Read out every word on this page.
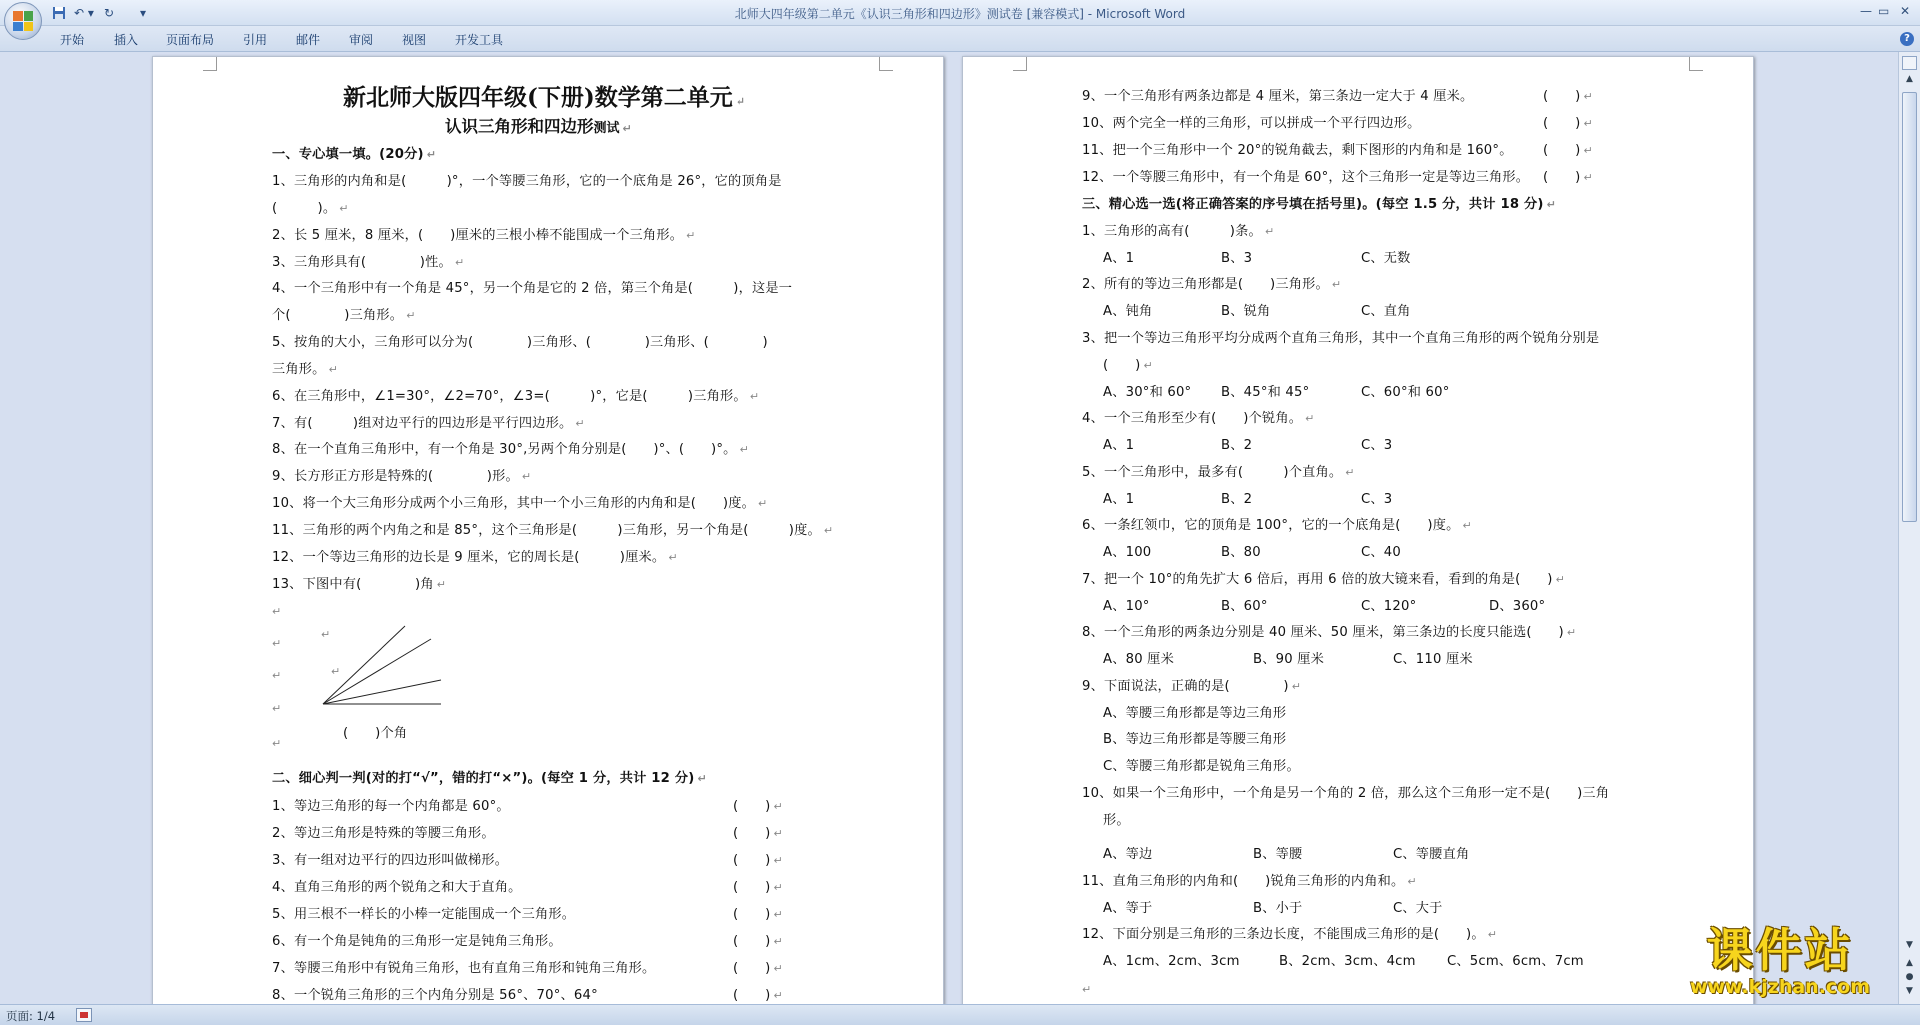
↶ ▾ ↻ ▾	北师大四年级第二单元《认识三角形和四边形》测试卷 [兼容模式] - Microsoft Word	— ▭ ✕
开始 插入 页面布局 引用 邮件 审阅 视图 开发工具	?
新北师大版四年级(下册)数学第二单元 ↵
认识三角形和四边形测试 ↵
一、专心填一填。(20分) ↵
1、三角形的内角和是(　　　)°，一个等腰三角形，它的一个底角是 26°，它的顶角是
(　　　)。 ↵
2、长 5 厘米，8 厘米，(　　)厘米的三根小棒不能围成一个三角形。 ↵
3、三角形具有(　　　　)性。 ↵
4、一个三角形中有一个角是 45°，另一个角是它的 2 倍，第三个角是(　　　)，这是一
个(　　　　)三角形。 ↵
5、按角的大小，三角形可以分为(　　　　)三角形、(　　　　)三角形、(　　　　)
三角形。 ↵
6、在三角形中，∠1=30°，∠2=70°，∠3=(　　　)°，它是(　　　)三角形。 ↵
7、有(　　　)组对边平行的四边形是平行四边形。 ↵
8、在一个直角三角形中，有一个角是 30°,另两个角分别是(　　)°、(　　)°。 ↵
9、长方形正方形是特殊的(　　　　)形。 ↵
10、将一个大三角形分成两个小三角形，其中一个小三角形的内角和是(　　)度。 ↵
11、三角形的两个内角之和是 85°，这个三角形是(　　　)三角形，另一个角是(　　　)度。 ↵
12、一个等边三角形的边长是 9 厘米，它的周长是(　　　)厘米。 ↵
13、下图中有(　　　　)角 ↵
↵
↵
↵
↵
↵
↵
↵
(　　)个角
二、细心判一判(对的打“√”，错的打“×”)。(每空 1 分，共计 12 分) ↵
1、等边三角形的每一个内角都是 60°。	(　　) ↵
2、等边三角形是特殊的等腰三角形。	(　　) ↵
3、有一组对边平行的四边形叫做梯形。	(　　) ↵
4、直角三角形的两个锐角之和大于直角。	(　　) ↵
5、用三根不一样长的小棒一定能围成一个三角形。	(　　) ↵
6、有一个角是钝角的三角形一定是钝角三角形。	(　　) ↵
7、等腰三角形中有锐角三角形，也有直角三角形和钝角三角形。	(　　) ↵
8、一个锐角三角形的三个内角分别是 56°、70°、64°	(　　) ↵
9、一个三角形有两条边都是 4 厘米，第三条边一定大于 4 厘米。	(　　) ↵
10、两个完全一样的三角形，可以拼成一个平行四边形。	(　　) ↵
11、把一个三角形中一个 20°的锐角截去，剩下图形的内角和是 160°。 (　　) ↵
12、一个等腰三角形中，有一个角是 60°，这个三角形一定是等边三角形。 (　　) ↵
三、精心选一选(将正确答案的序号填在括号里)。(每空 1.5 分，共计 18 分) ↵
1、三角形的高有(　　　)条。 ↵
A、1	B、3	C、无数
2、所有的等边三角形都是(　　)三角形。 ↵
A、钝角	B、锐角	C、直角
3、把一个等边三角形平均分成两个直角三角形，其中一个直角三角形的两个锐角分别是
(　　) ↵
A、30°和 60° B、45°和 45°	C、60°和 60°
4、一个三角形至少有(　　)个锐角。 ↵
A、1	B、2	C、3
5、一个三角形中，最多有(　　　)个直角。 ↵
A、1	B、2	C、3
6、一条红领巾，它的顶角是 100°，它的一个底角是(　　)度。 ↵
A、100	B、80	C、40
7、把一个 10°的角先扩大 6 倍后，再用 6 倍的放大镜来看，看到的角是(　　) ↵
A、10°	B、60°	C、120°	D、360°
8、一个三角形的两条边分别是 40 厘米、50 厘米，第三条边的长度只能选(　　) ↵
A、80 厘米	B、90 厘米	C、110 厘米
9、下面说法，正确的是(　　　　) ↵
A、等腰三角形都是等边三角形
B、等边三角形都是等腰三角形
C、等腰三角形都是锐角三角形。
10、如果一个三角形中，一个角是另一个角的 2 倍，那么这个三角形一定不是(　　)三角
形。
A、等边	B、等腰	C、等腰直角
11、直角三角形的内角和(　　)锐角三角形的内角和。 ↵
A、等于	B、小于	C、大于
12、下面分别是三角形的三条边长度，不能围成三角形的是(　　)。 ↵
A、1cm、2cm、3cm	B、2cm、3cm、4cm C、5cm、6cm、7cm
↵
▲
▼
▲
●
▼
页面: 1/4
课件站
www.kjzhan.com
